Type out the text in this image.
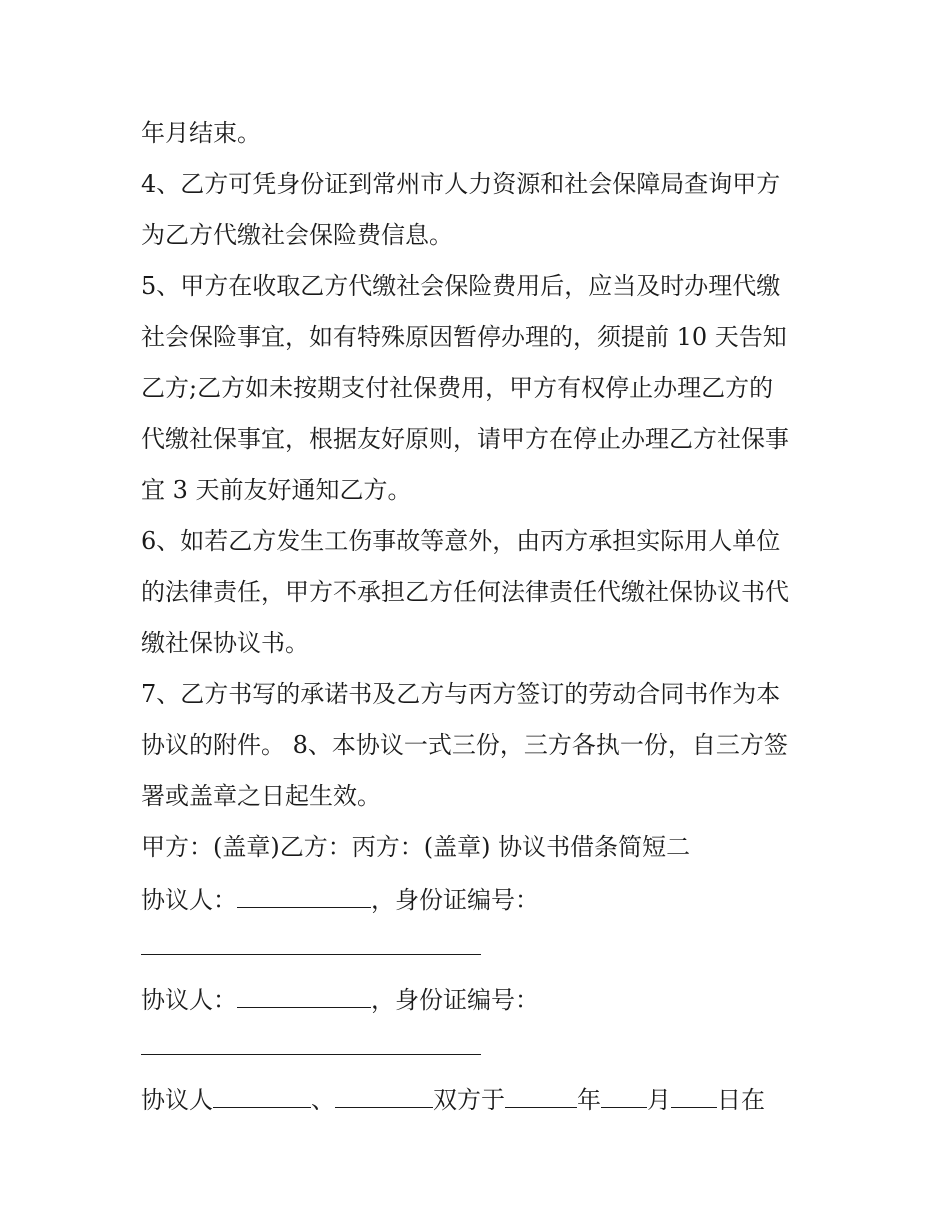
年月结束。
4、乙方可凭身份证到常州市人力资源和社会保障局查询甲方
为乙方代缴社会保险费信息。
5、甲方在收取乙方代缴社会保险费用后，应当及时办理代缴
社会保险事宜，如有特殊原因暂停办理的，须提前 10 天告知
乙方;乙方如未按期支付社保费用，甲方有权停止办理乙方的
代缴社保事宜，根据友好原则，请甲方在停止办理乙方社保事
宜 3 天前友好通知乙方。
6、如若乙方发生工伤事故等意外，由丙方承担实际用人单位
的法律责任，甲方不承担乙方任何法律责任代缴社保协议书代
缴社保协议书。
7、乙方书写的承诺书及乙方与丙方签订的劳动合同书作为本
协议的附件。 8、本协议一式三份，三方各执一份，自三方签
署或盖章之日起生效。
甲方：(盖章)乙方：丙方：(盖章) 协议书借条简短二

协议人：	，身份证编号：
协议人：	，身份证编号：
协议人	、	双方于	年 月 日在
